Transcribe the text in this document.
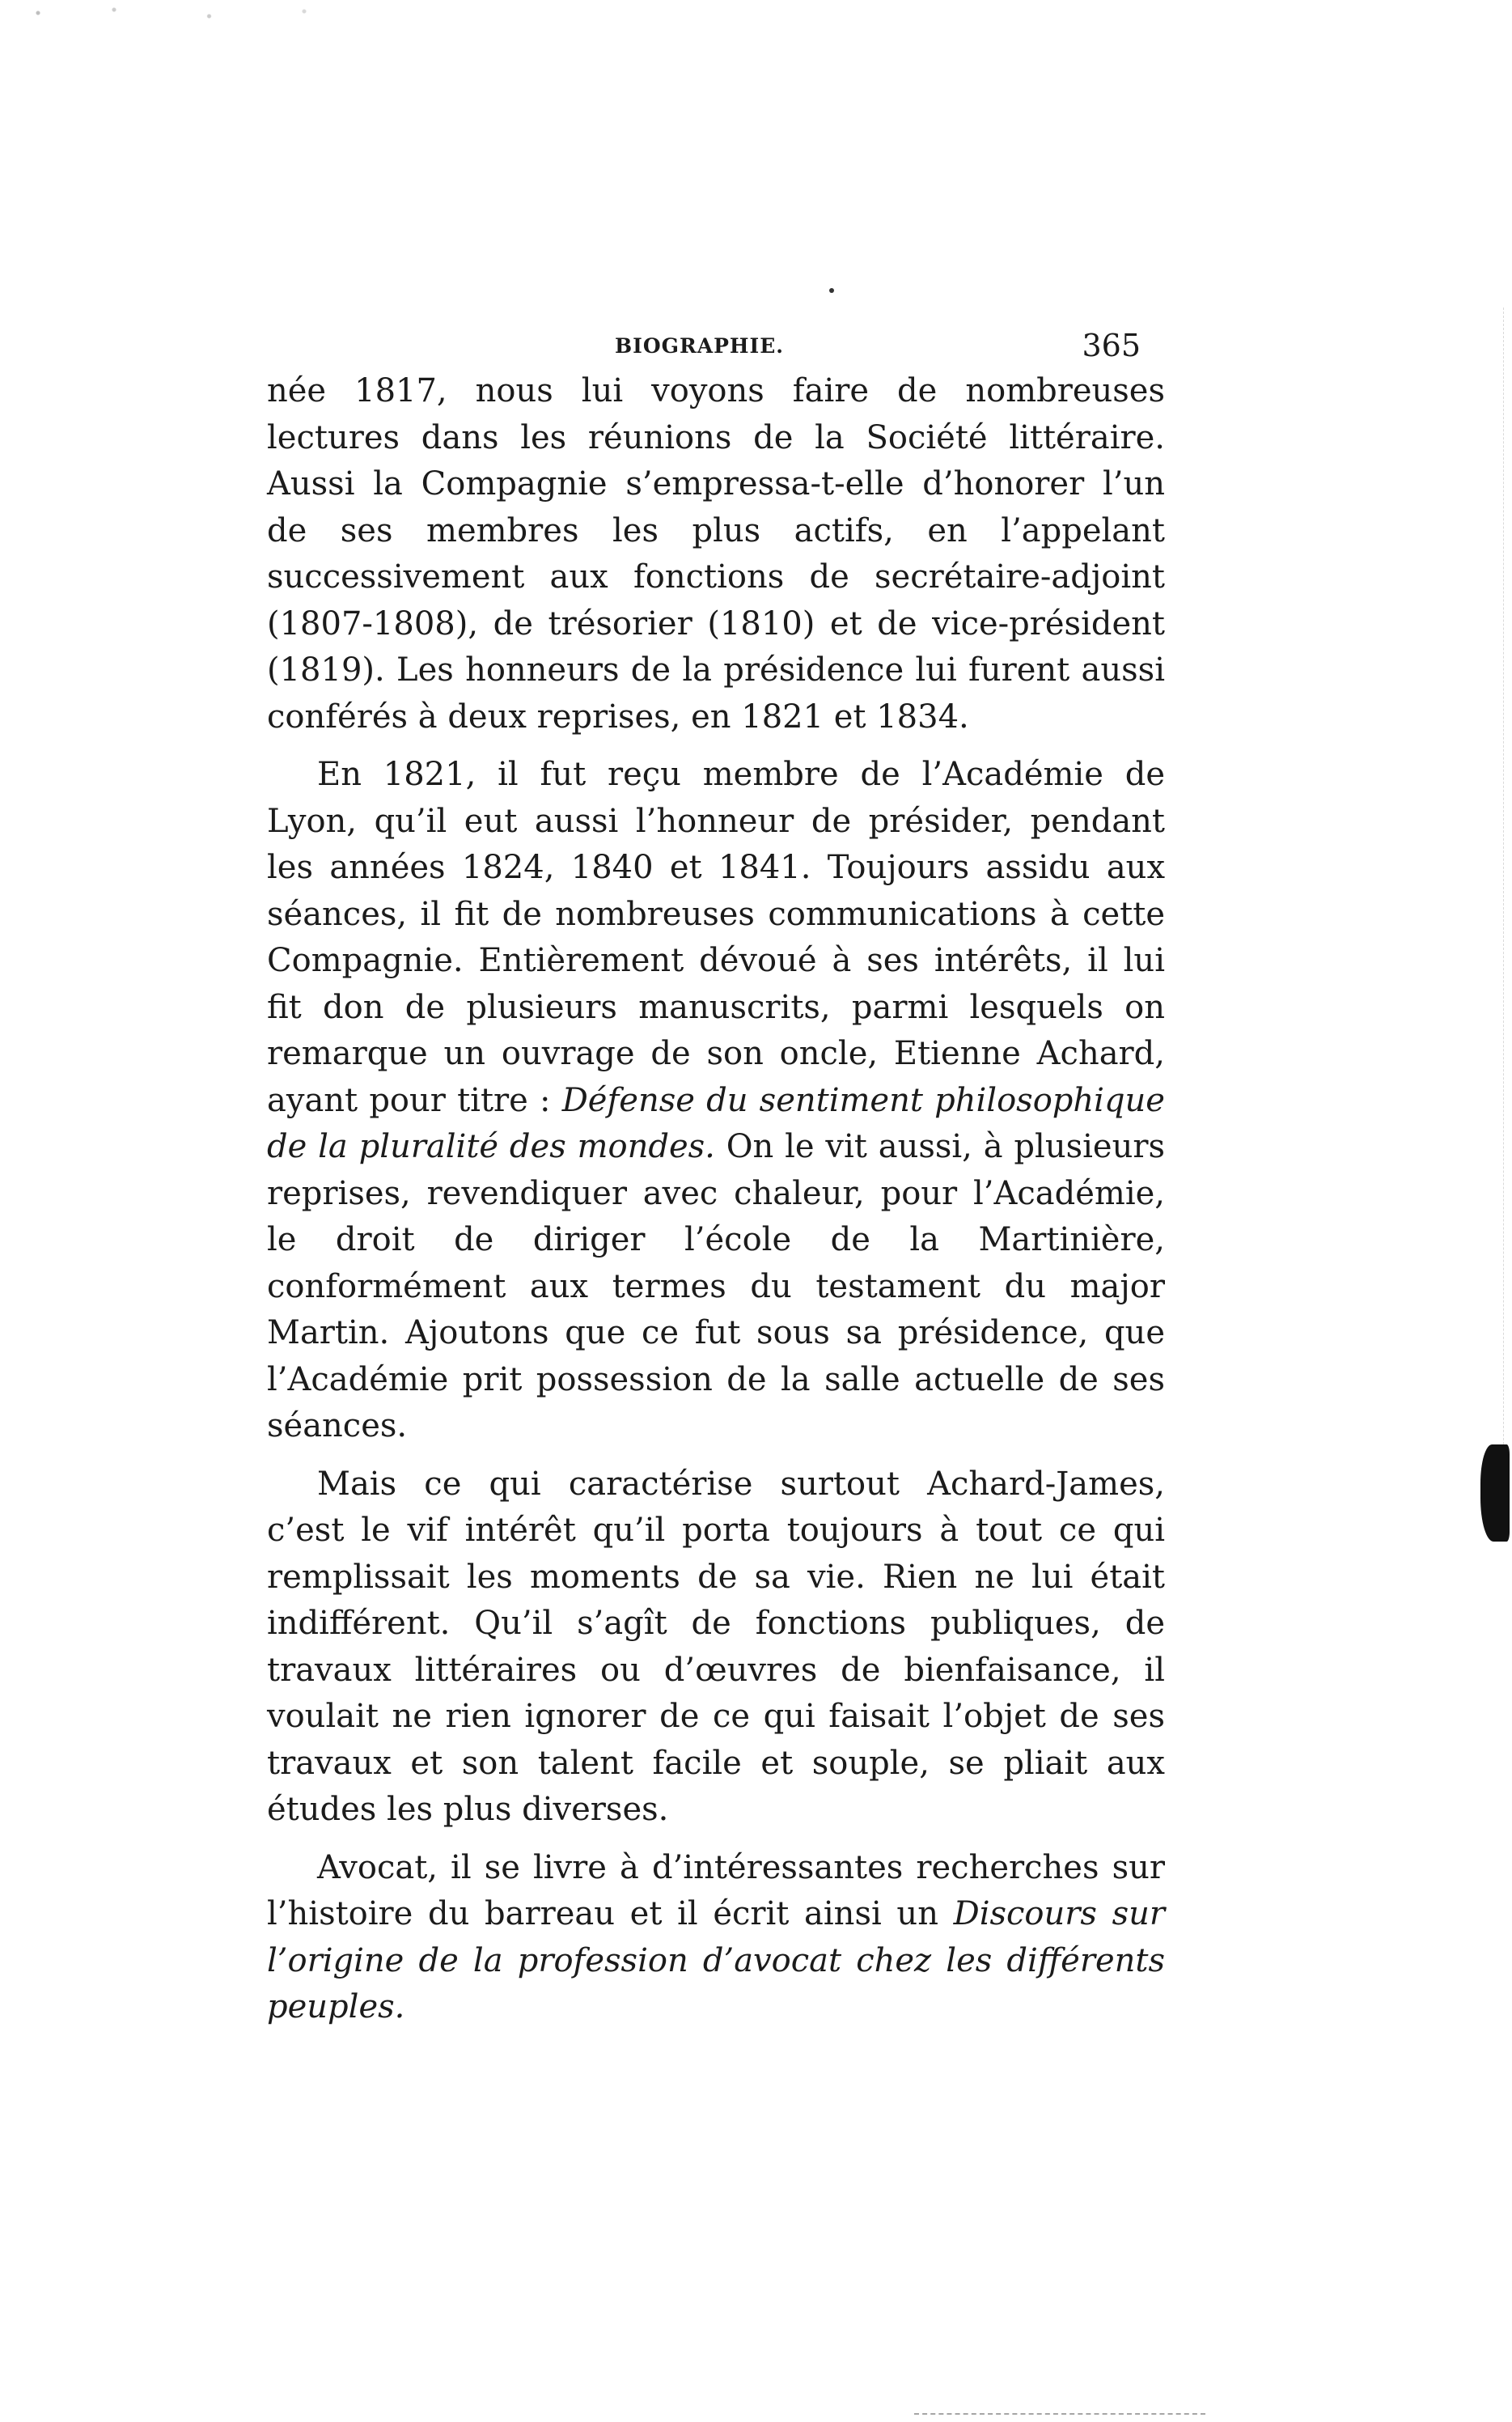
BIOGRAPHIE.	365

née 1817, nous lui voyons faire de nombreuses lectures dans les réunions de la Société littéraire. Aussi la Compagnie s’empressa-t-elle d’honorer l’un de ses membres les plus actifs, en l’appelant successivement aux fonctions de secrétaire-adjoint (1807-1808), de trésorier (1810) et de vice-président (1819). Les honneurs de la présidence lui furent aussi conférés à deux reprises, en 1821 et 1834.

En 1821, il fut reçu membre de l’Académie de Lyon, qu’il eut aussi l’honneur de présider, pendant les années 1824, 1840 et 1841. Toujours assidu aux séances, il fit de nombreuses communications à cette Compagnie. Entièrement dévoué à ses intérêts, il lui fit don de plusieurs manuscrits, parmi lesquels on remarque un ouvrage de son oncle, Etienne Achard, ayant pour titre : Défense du sentiment philosophique de la pluralité des mondes. On le vit aussi, à plusieurs reprises, revendiquer avec chaleur, pour l’Académie, le droit de diriger l’école de la Martinière, conformément aux termes du testament du major Martin. Ajoutons que ce fut sous sa présidence, que l’Académie prit possession de la salle actuelle de ses séances.

Mais ce qui caractérise surtout Achard-James, c’est le vif intérêt qu’il porta toujours à tout ce qui remplissait les moments de sa vie. Rien ne lui était indifférent. Qu’il s’agît de fonctions publiques, de travaux littéraires ou d’œuvres de bienfaisance, il voulait ne rien ignorer de ce qui faisait l’objet de ses travaux et son talent facile et souple, se pliait aux études les plus diverses.

Avocat, il se livre à d’intéressantes recherches sur l’histoire du barreau et il écrit ainsi un Discours sur l’origine de la profession d’avocat chez les différents peuples.
